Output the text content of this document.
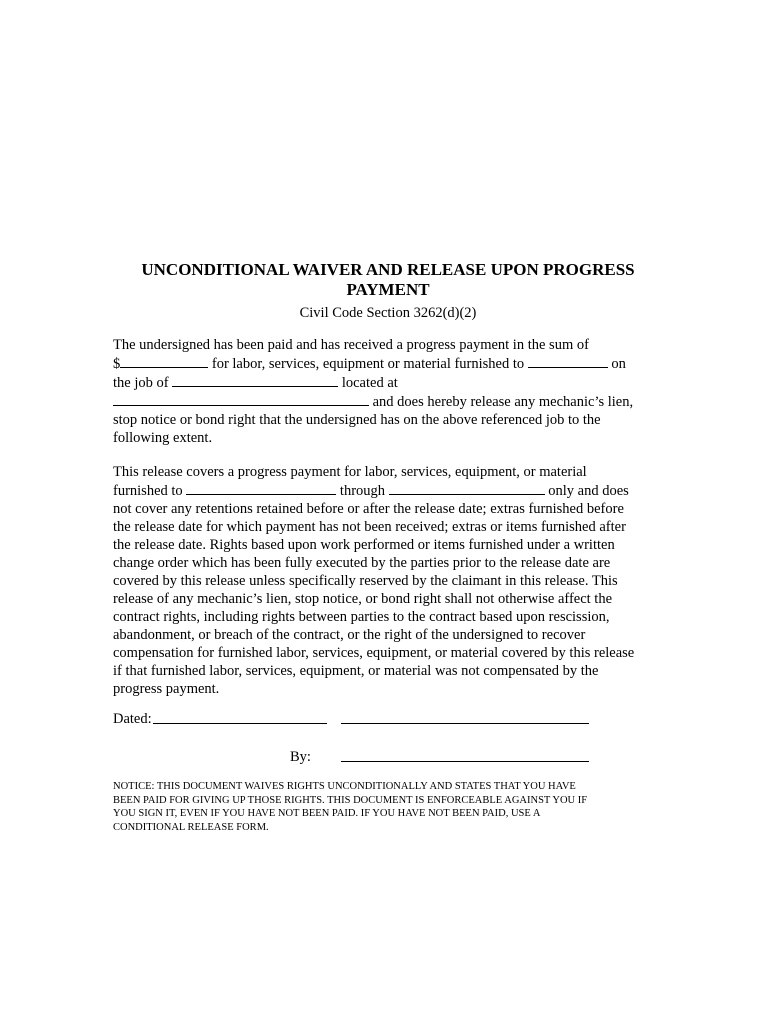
UNCONDITIONAL WAIVER AND RELEASE UPON PROGRESS
PAYMENT

Civil Code Section 3262(d)(2)

The undersigned has been paid and has received a progress payment in the sum of
$	for labor, services, equipment or material furnished to	on
the job of	located at
and does hereby release any mechanic’s lien,
stop notice or bond right that the undersigned has on the above referenced job to the
following extent.
This release covers a progress payment for labor, services, equipment, or material
furnished to	through	only and does
not cover any retentions retained before or after the release date; extras furnished before
the release date for which payment has not been received; extras or items furnished after
the release date. Rights based upon work performed or items furnished under a written
change order which has been fully executed by the parties prior to the release date are
covered by this release unless specifically reserved by the claimant in this release. This
release of any mechanic’s lien, stop notice, or bond right shall not otherwise affect the
contract rights, including rights between parties to the contract based upon rescission,
abandonment, or breach of the contract, or the right of the undersigned to recover
compensation for furnished labor, services, equipment, or material covered by this release
if that furnished labor, services, equipment, or material was not compensated by the
progress payment.
Dated:
By:
NOTICE: THIS DOCUMENT WAIVES RIGHTS UNCONDITIONALLY AND STATES THAT YOU HAVE
BEEN PAID FOR GIVING UP THOSE RIGHTS. THIS DOCUMENT IS ENFORCEABLE AGAINST YOU IF
YOU SIGN IT, EVEN IF YOU HAVE NOT BEEN PAID. IF YOU HAVE NOT BEEN PAID, USE A
CONDITIONAL RELEASE FORM.
